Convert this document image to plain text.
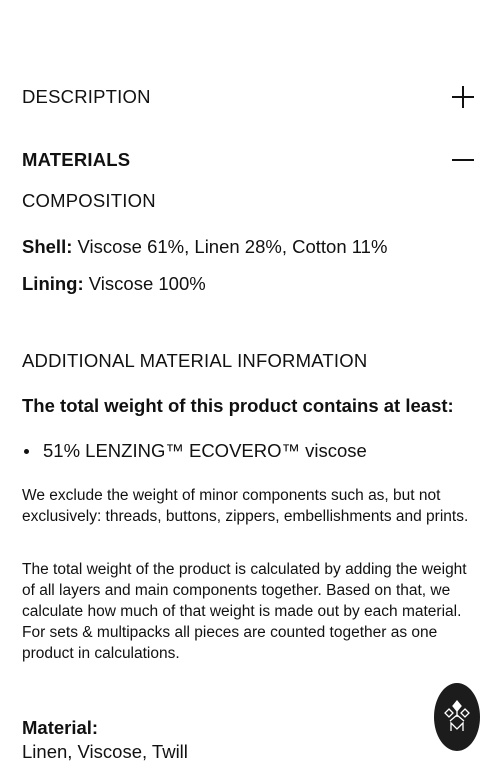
DESCRIPTION
MATERIALS
COMPOSITION
Shell: Viscose 61%, Linen 28%, Cotton 11%
Lining: Viscose 100%
ADDITIONAL MATERIAL INFORMATION
The total weight of this product contains at least:
51% LENZING™ ECOVERO™ viscose
We exclude the weight of minor components such as, but not exclusively: threads, buttons, zippers, embellishments and prints.
The total weight of the product is calculated by adding the weight of all layers and main components together. Based on that, we calculate how much of that weight is made out by each material. For sets & multipacks all pieces are counted together as one product in calculations.
Material:
Linen, Viscose, Twill
